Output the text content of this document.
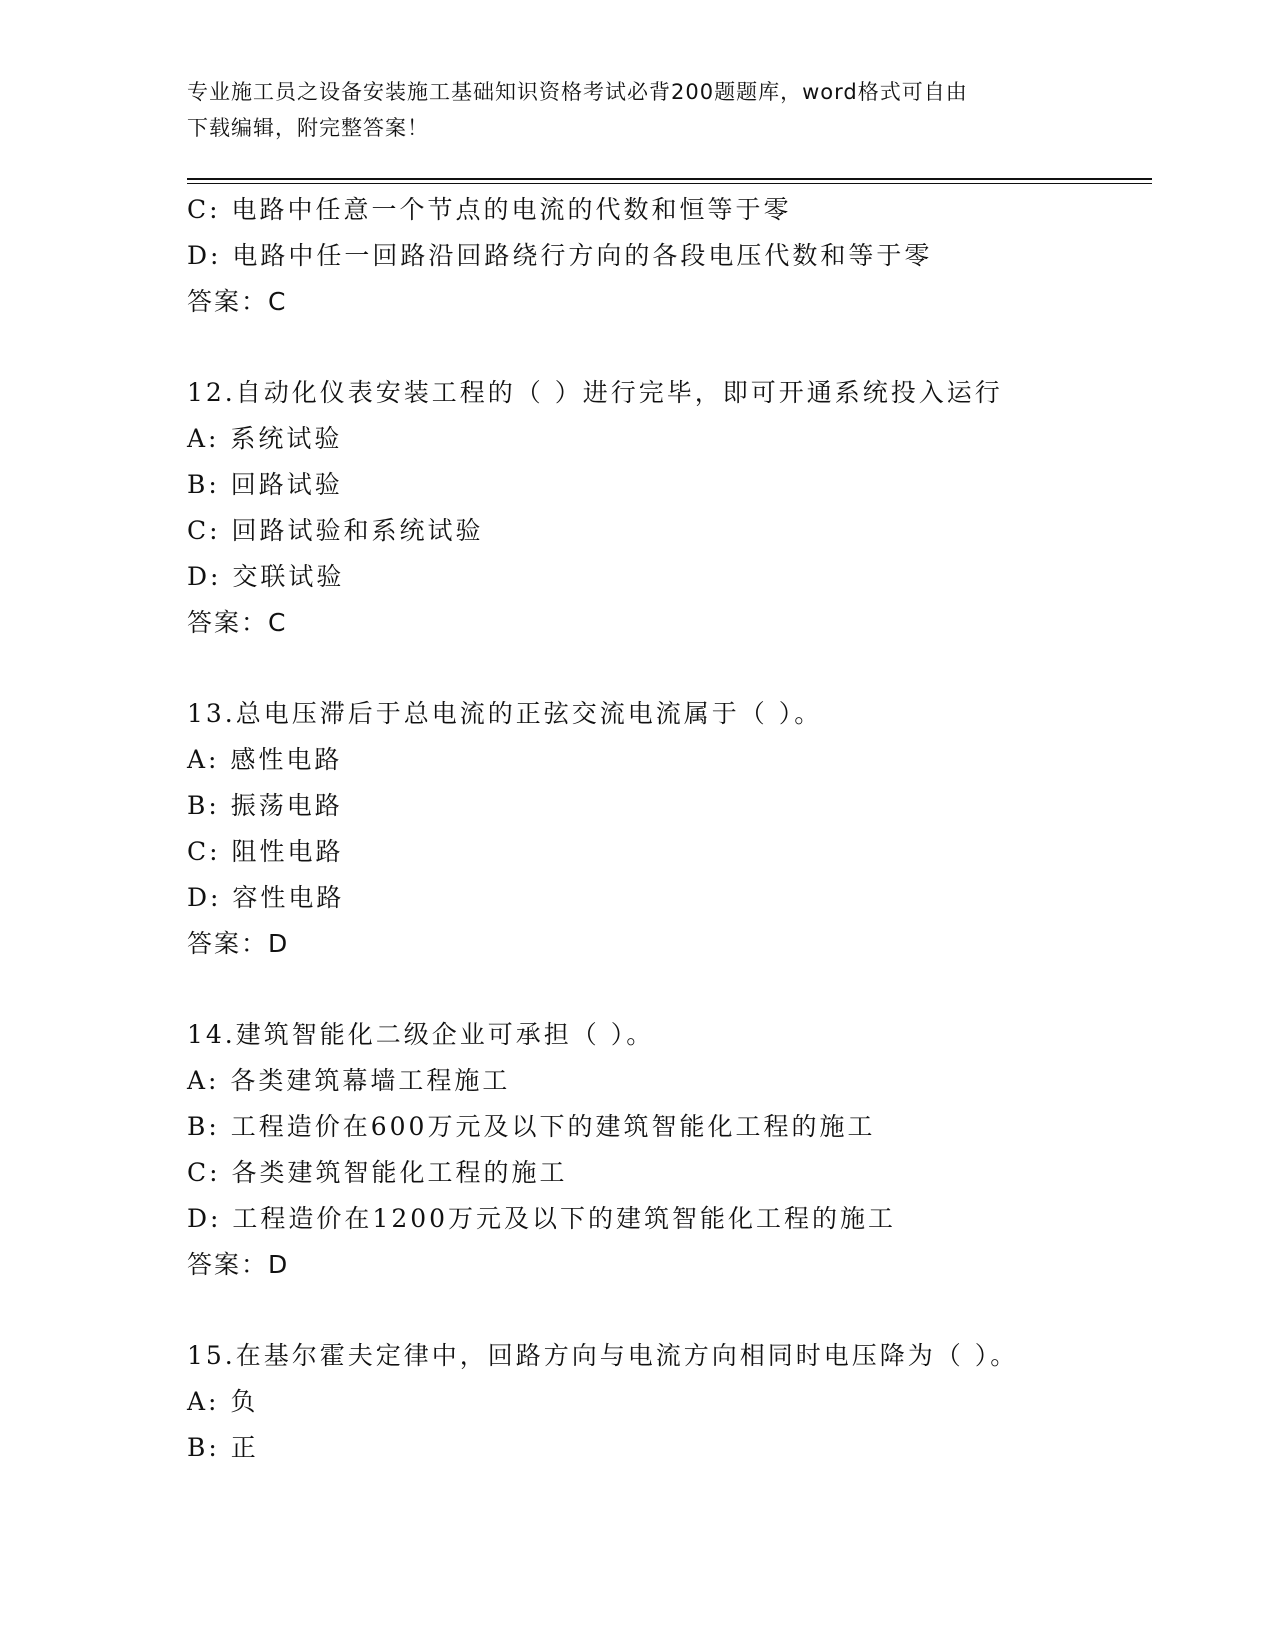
专业施工员之设备安装施工基础知识资格考试必背200题题库，word格式可自由
下载编辑，附完整答案！
C: 电路中任意一个节点的电流的代数和恒等于零
D: 电路中任一回路沿回路绕行方向的各段电压代数和等于零
答案：C
12.自动化仪表安装工程的（ ）进行完毕，即可开通系统投入运行
A: 系统试验
B: 回路试验
C: 回路试验和系统试验
D: 交联试验
答案：C
13.总电压滞后于总电流的正弦交流电流属于（ ）。
A: 感性电路
B: 振荡电路
C: 阻性电路
D: 容性电路
答案：D
14.建筑智能化二级企业可承担（ ）。
A: 各类建筑幕墙工程施工
B: 工程造价在600万元及以下的建筑智能化工程的施工
C: 各类建筑智能化工程的施工
D: 工程造价在1200万元及以下的建筑智能化工程的施工
答案：D
15.在基尔霍夫定律中，回路方向与电流方向相同时电压降为（ ）。
A: 负
B: 正
